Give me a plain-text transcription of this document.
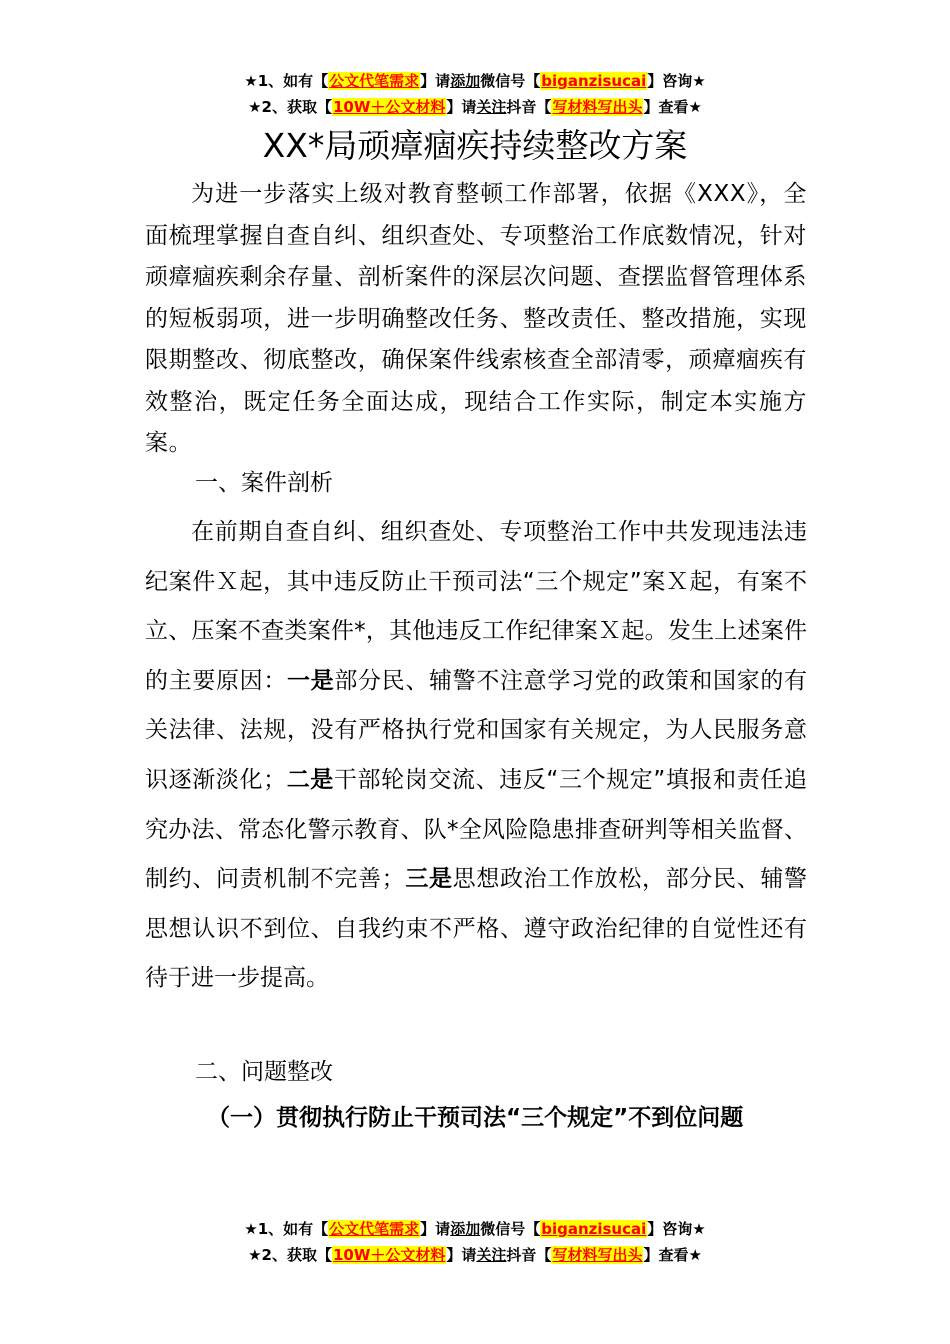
★1、如有【公文代笔需求】请添加微信号【biganzisucai】咨询★
★2、获取【10W＋公文材料】请关注抖音【写材料写出头】查看★
XX*局顽瘴痼疾持续整改方案

为进一步落实上级对教育整顿工作部署，依据《XXX》，全面梳理掌握自查自纠、组织查处、专项整治工作底数情况，针对顽瘴痼疾剩余存量、剖析案件的深层次问题、查摆监督管理体系的短板弱项，进一步明确整改任务、整改责任、整改措施，实现限期整改、彻底整改，确保案件线索核查全部清零，顽瘴痼疾有效整治，既定任务全面达成，现结合工作实际，制定本实施方案。

一、案件剖析

在前期自查自纠、组织查处、专项整治工作中共发现违法违纪案件Ｘ起，其中违反防止干预司法“三个规定”案Ｘ起，有案不立、压案不查类案件*，其他违反工作纪律案Ｘ起。发生上述案件的主要原因：一是部分民、辅警不注意学习党的政策和国家的有关法律、法规，没有严格执行党和国家有关规定，为人民服务意识逐渐淡化；二是干部轮岗交流、违反“三个规定”填报和责任追究办法、常态化警示教育、队*全风险隐患排查研判等相关监督、制约、问责机制不完善；三是思想政治工作放松，部分民、辅警思想认识不到位、自我约束不严格、遵守政治纪律的自觉性还有待于进一步提高。

二、问题整改
（一）贯彻执行防止干预司法“三个规定”不到位问题
★1、如有【公文代笔需求】请添加微信号【biganzisucai】咨询★
★2、获取【10W＋公文材料】请关注抖音【写材料写出头】查看★
